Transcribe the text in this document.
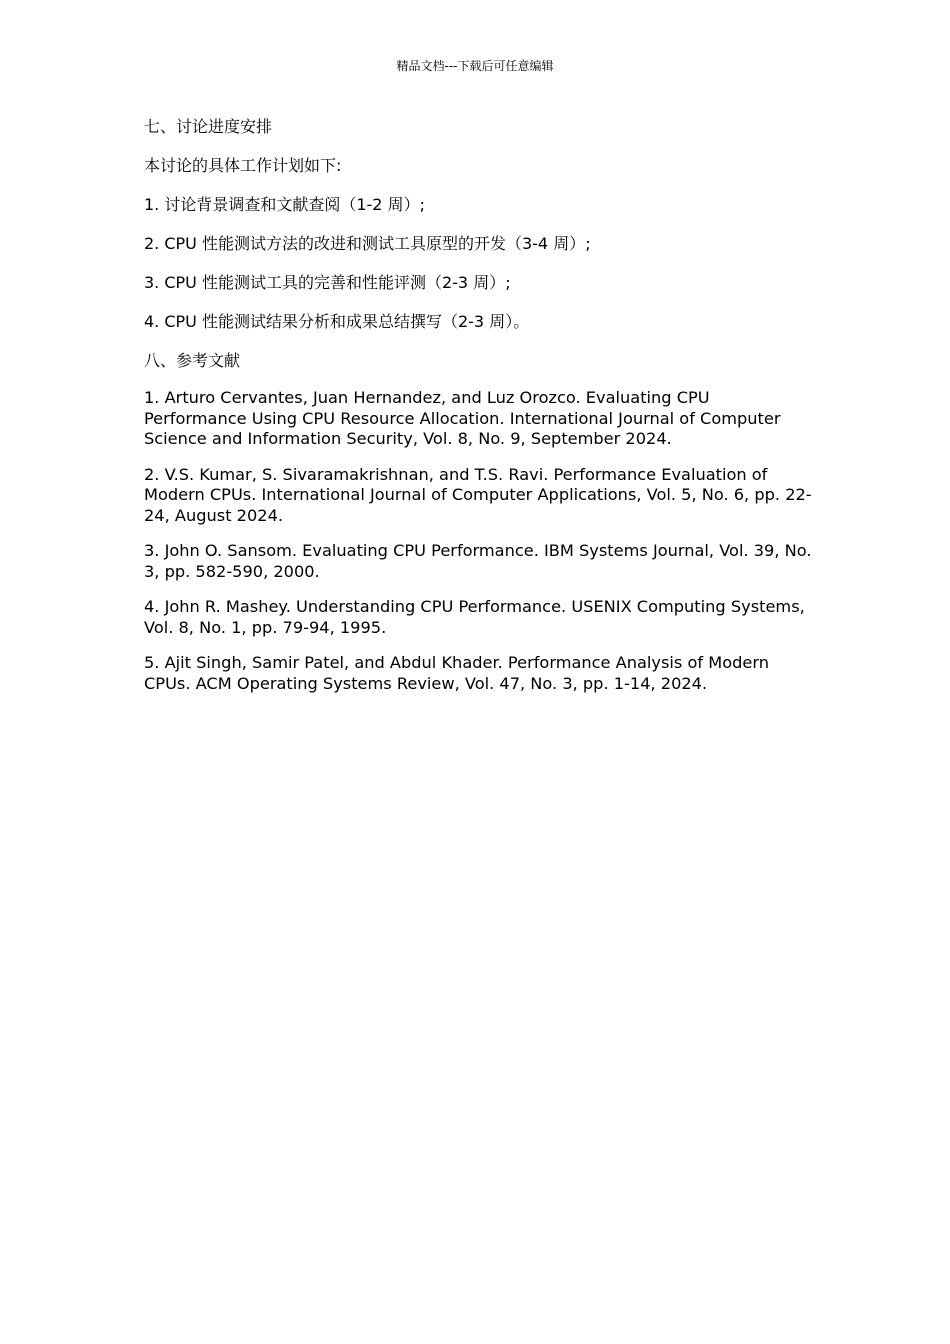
精品文档---下载后可任意编辑

七、讨论进度安排

本讨论的具体工作计划如下:

1. 讨论背景调查和文献查阅（1-2 周）;

2. CPU 性能测试方法的改进和测试工具原型的开发（3-4 周）;

3. CPU 性能测试工具的完善和性能评测（2-3 周）;

4. CPU 性能测试结果分析和成果总结撰写（2-3 周）。

八、参考文献

1. Arturo Cervantes, Juan Hernandez, and Luz Orozco. Evaluating CPU Performance Using CPU Resource Allocation. International Journal of Computer Science and Information Security, Vol. 8, No. 9, September 2024.

2. V.S. Kumar, S. Sivaramakrishnan, and T.S. Ravi. Performance Evaluation of Modern CPUs. International Journal of Computer Applications, Vol. 5, No. 6, pp. 22-24, August 2024.

3. John O. Sansom. Evaluating CPU Performance. IBM Systems Journal, Vol. 39, No. 3, pp. 582-590, 2000.

4. John R. Mashey. Understanding CPU Performance. USENIX Computing Systems, Vol. 8, No. 1, pp. 79-94, 1995.

5. Ajit Singh, Samir Patel, and Abdul Khader. Performance Analysis of Modern CPUs. ACM Operating Systems Review, Vol. 47, No. 3, pp. 1-14, 2024.
